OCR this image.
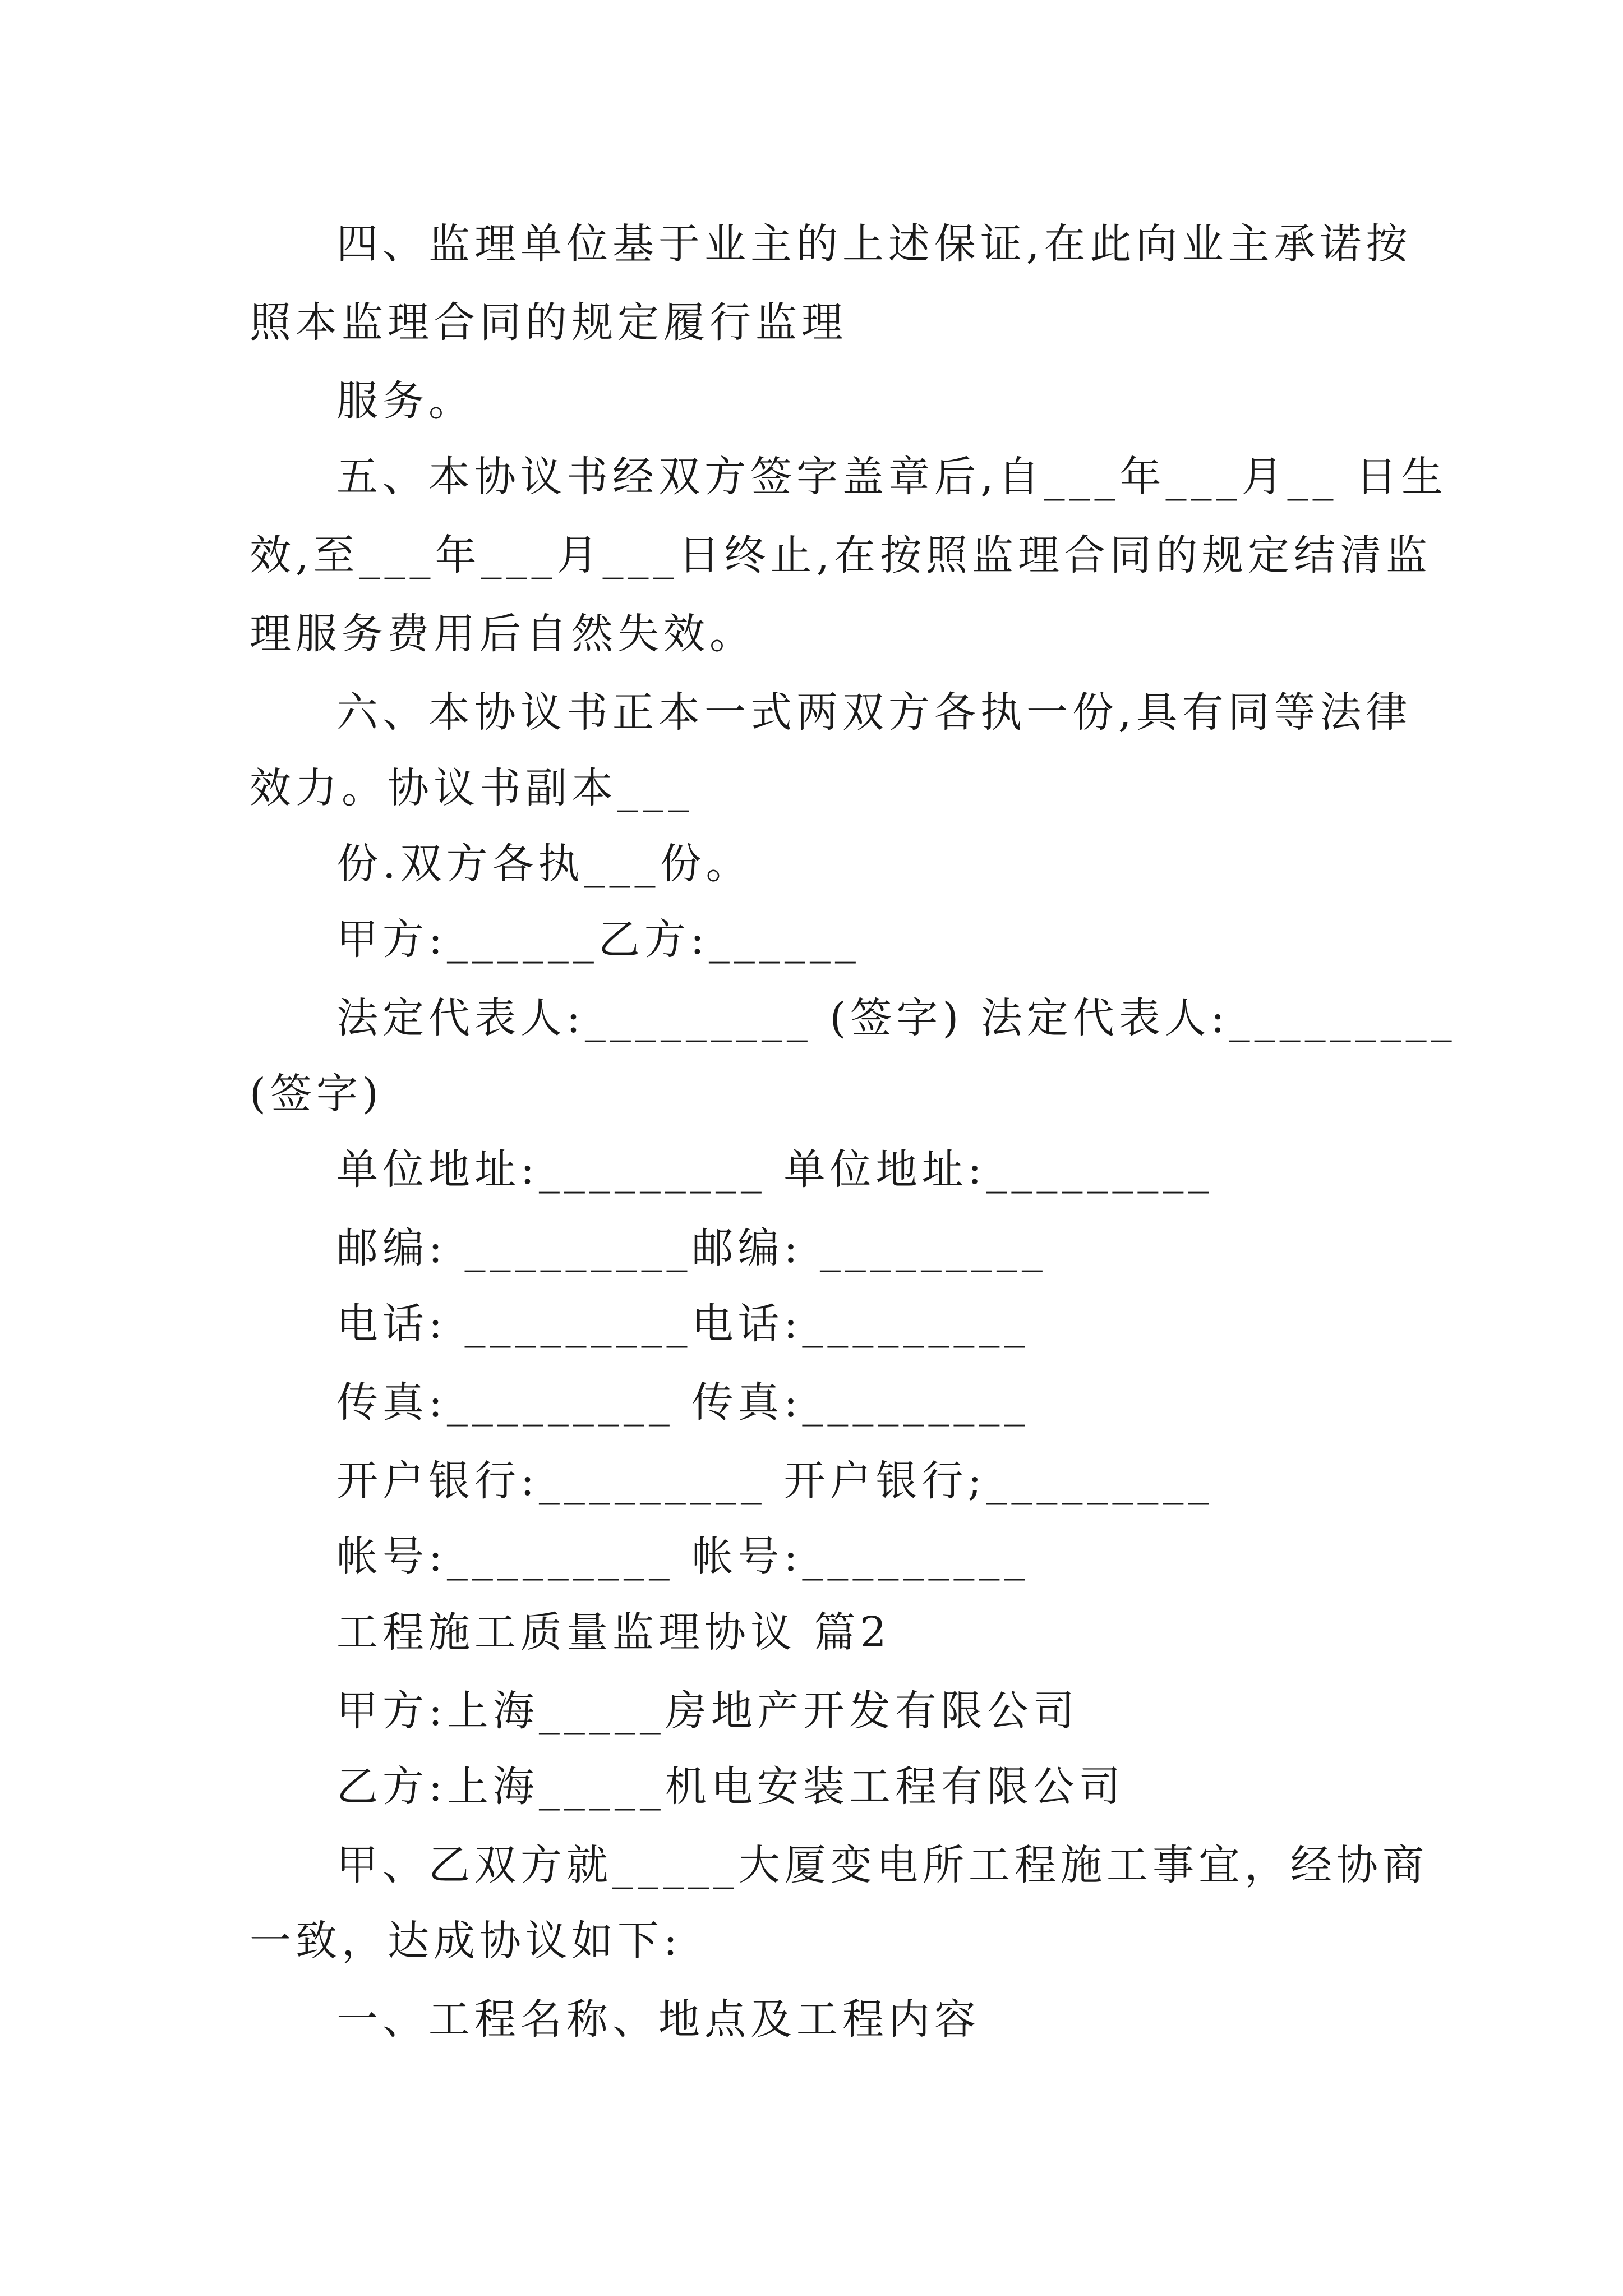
四、监理单位基于业主的上述保证,在此向业主承诺按
照本监理合同的规定履行监理
服务。
五、本协议书经双方签字盖章后,自___年___月__ 日生
效,至___年___月___日终止,在按照监理合同的规定结清监
理服务费用后自然失效。
六、本协议书正本一式两双方各执一份,具有同等法律
效力。协议书副本___
份.双方各执___份。
甲方:______乙方:______
法定代表人:_________ (签字) 法定代表人:_________
(签字)
单位地址:_________ 单位地址:_________
邮编: _________邮编: _________
电话: _________电话:_________
传真:_________ 传真:_________
开户银行:_________ 开户银行;_________
帐号:_________ 帐号:_________
工程施工质量监理协议 篇2
甲方:上海_____房地产开发有限公司
乙方:上海_____机电安装工程有限公司
甲、乙双方就_____大厦变电所工程施工事宜，经协商
一致，达成协议如下:
一、工程名称、地点及工程内容
